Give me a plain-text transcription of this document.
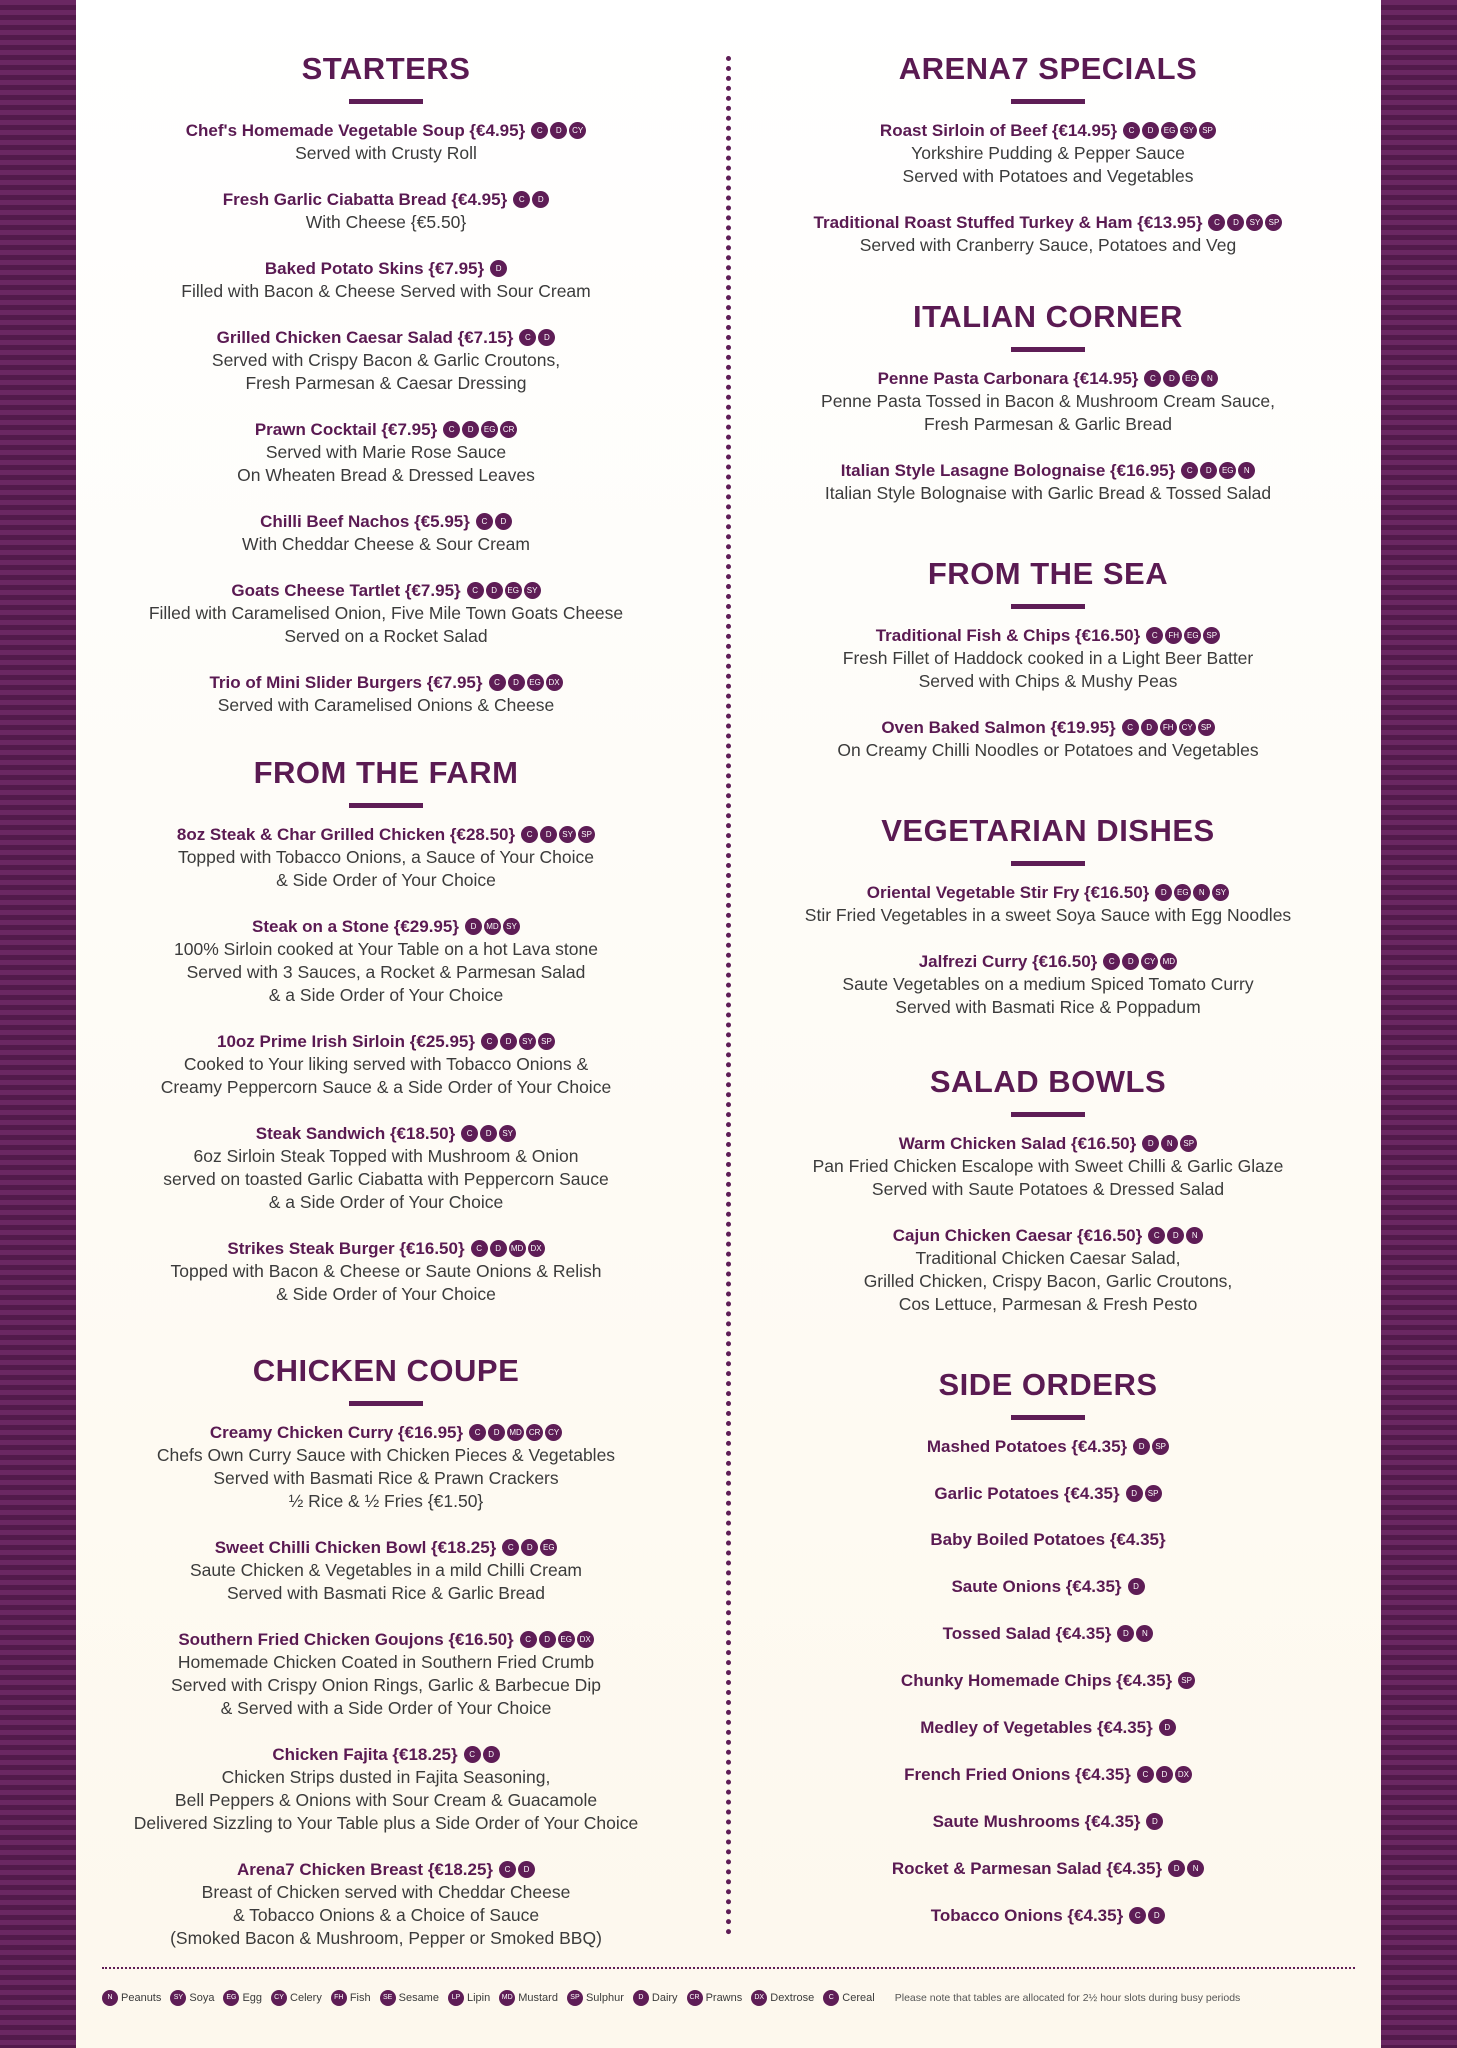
STARTERS
Chef's Homemade Vegetable Soup {€4.95} C D CY
Served with Crusty Roll
Fresh Garlic Ciabatta Bread {€4.95} C D
With Cheese {€5.50}
Baked Potato Skins {€7.95} D
Filled with Bacon & Cheese Served with Sour Cream
Grilled Chicken Caesar Salad {€7.15} C D
Served with Crispy Bacon & Garlic Croutons,
Fresh Parmesan & Caesar Dressing
Prawn Cocktail {€7.95} C D EG CR
Served with Marie Rose Sauce
On Wheaten Bread & Dressed Leaves
Chilli Beef Nachos {€5.95} C D
With Cheddar Cheese & Sour Cream
Goats Cheese Tartlet {€7.95} C D EG SY
Filled with Caramelised Onion, Five Mile Town Goats Cheese
Served on a Rocket Salad
Trio of Mini Slider Burgers {€7.95} C D EG DX
Served with Caramelised Onions & Cheese
FROM THE FARM
8oz Steak & Char Grilled Chicken {€28.50} C D SY SP
Topped with Tobacco Onions, a Sauce of Your Choice
& Side Order of Your Choice
Steak on a Stone {€29.95} D MD SY
100% Sirloin cooked at Your Table on a hot Lava stone
Served with 3 Sauces, a Rocket & Parmesan Salad
& a Side Order of Your Choice
10oz Prime Irish Sirloin {€25.95} C D SY SP
Cooked to Your liking served with Tobacco Onions &
Creamy Peppercorn Sauce & a Side Order of Your Choice
Steak Sandwich {€18.50} C D SY
6oz Sirloin Steak Topped with Mushroom & Onion
served on toasted Garlic Ciabatta with Peppercorn Sauce
& a Side Order of Your Choice
Strikes Steak Burger {€16.50} C D MD DX
Topped with Bacon & Cheese or Saute Onions & Relish
& Side Order of Your Choice
CHICKEN COUPE
Creamy Chicken Curry {€16.95} C D MD CR CY
Chefs Own Curry Sauce with Chicken Pieces & Vegetables
Served with Basmati Rice & Prawn Crackers
½ Rice & ½ Fries {€1.50}
Sweet Chilli Chicken Bowl {€18.25} C D EG
Saute Chicken & Vegetables in a mild Chilli Cream
Served with Basmati Rice & Garlic Bread
Southern Fried Chicken Goujons {€16.50} C D EG DX
Homemade Chicken Coated in Southern Fried Crumb
Served with Crispy Onion Rings, Garlic & Barbecue Dip
& Served with a Side Order of Your Choice
Chicken Fajita {€18.25} C D
Chicken Strips dusted in Fajita Seasoning,
Bell Peppers & Onions with Sour Cream & Guacamole
Delivered Sizzling to Your Table plus a Side Order of Your Choice
Arena7 Chicken Breast {€18.25} C D
Breast of Chicken served with Cheddar Cheese
& Tobacco Onions & a Choice of Sauce
(Smoked Bacon & Mushroom, Pepper or Smoked BBQ)
ARENA7 SPECIALS
Roast Sirloin of Beef {€14.95} C D EG SY SP
Yorkshire Pudding & Pepper Sauce
Served with Potatoes and Vegetables
Traditional Roast Stuffed Turkey & Ham {€13.95} C D SY SP
Served with Cranberry Sauce, Potatoes and Veg
ITALIAN CORNER
Penne Pasta Carbonara {€14.95} C D EG N
Penne Pasta Tossed in Bacon & Mushroom Cream Sauce,
Fresh Parmesan & Garlic Bread
Italian Style Lasagne Bolognaise {€16.95} C D EG N
Italian Style Bolognaise with Garlic Bread & Tossed Salad
FROM THE SEA
Traditional Fish & Chips {€16.50} C FH EG SP
Fresh Fillet of Haddock cooked in a Light Beer Batter
Served with Chips & Mushy Peas
Oven Baked Salmon {€19.95} C D FH CY SP
On Creamy Chilli Noodles or Potatoes and Vegetables
VEGETARIAN DISHES
Oriental Vegetable Stir Fry {€16.50} D EG N SY
Stir Fried Vegetables in a sweet Soya Sauce with Egg Noodles
Jalfrezi Curry {€16.50} C D CY MD
Saute Vegetables on a medium Spiced Tomato Curry
Served with Basmati Rice & Poppadum
SALAD BOWLS
Warm Chicken Salad {€16.50} D N SP
Pan Fried Chicken Escalope with Sweet Chilli & Garlic Glaze
Served with Saute Potatoes & Dressed Salad
Cajun Chicken Caesar {€16.50} C D N
Traditional Chicken Caesar Salad,
Grilled Chicken, Crispy Bacon, Garlic Croutons,
Cos Lettuce, Parmesan & Fresh Pesto
SIDE ORDERS
Mashed Potatoes {€4.35} D SP
Garlic Potatoes {€4.35} D SP
Baby Boiled Potatoes {€4.35}
Saute Onions {€4.35} D
Tossed Salad {€4.35} D N
Chunky Homemade Chips {€4.35} SP
Medley of Vegetables {€4.35} D
French Fried Onions {€4.35} C D DX
Saute Mushrooms {€4.35} D
Rocket & Parmesan Salad {€4.35} D N
Tobacco Onions {€4.35} C D
N Peanuts SY Soya EG Egg CY Celery FH Fish SE Sesame LP Lipin MD Mustard SP Sulphur D Dairy CR Prawns DX Dextrose C Cereal Please note that tables are allocated for 2½ hour slots during busy periods
